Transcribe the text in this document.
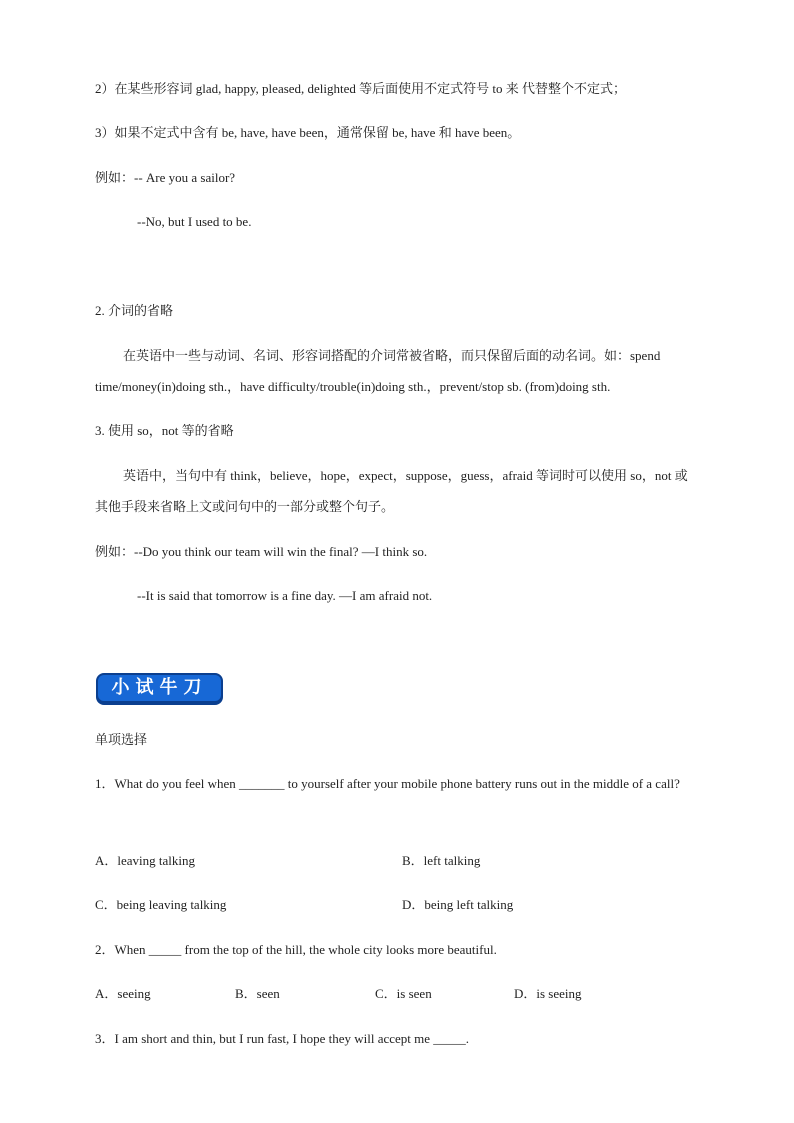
2）在某些形容词 glad, happy, pleased, delighted 等后面使用不定式符号 to 来 代替整个不定式；
3）如果不定式中含有 be, have, have been，通常保留 be, have 和 have been。
例如：-- Are you a sailor?
--No, but I used to be.
2. 介词的省略
在英语中一些与动词、名词、形容词搭配的介词常被省略，而只保留后面的动名词。如：spend time/money(in)doing sth.，have difficulty/trouble(in)doing sth.，prevent/stop sb. (from)doing sth.
3. 使用 so，not 等的省略
英语中，当句中有 think，believe，hope，expect，suppose，guess，afraid 等词时可以使用 so，not 或其他手段来省略上文或问句中的一部分或整个句子。
例如：--Do you think our team will win the final? —I think so.
--It is said that tomorrow is a fine day. —I am afraid not.
小试牛刀
单项选择
1．What do you feel when _______ to yourself after your mobile phone battery runs out in the middle of a call?
A．leaving talking	B．left talking
C．being leaving talking	D．being left talking
2．When _____ from the top of the hill, the whole city looks more beautiful.
A．seeing	B．seen	C．is seen	D．is seeing
3．I am short and thin, but I run fast, I hope they will accept me _____.
